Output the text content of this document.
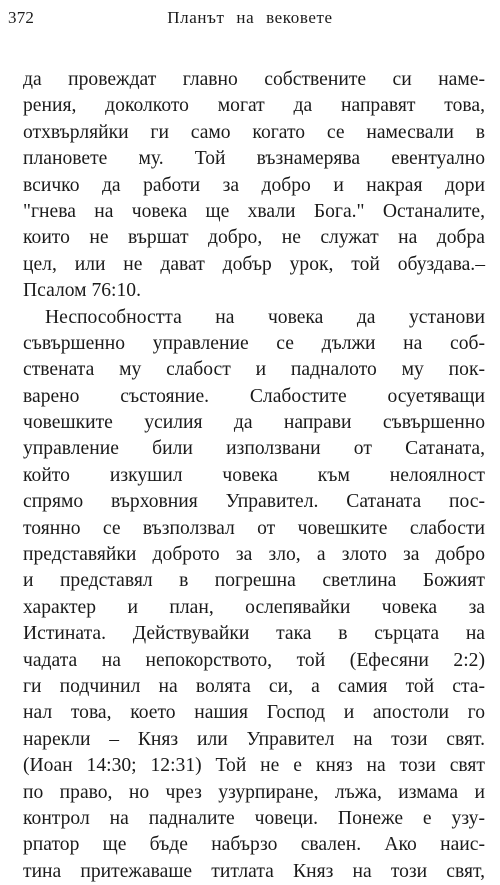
372	Планът на вековете
да провеждат главно собствените си наме-
рения, доколкото могат да направят това,
отхвърляйки ги само когато се намесвали в
плановете му. Той възнамерява евентуално
всичко да работи за добро и накрая дори
"гнева на човека ще хвали Бога." Останалите,
които не вършат добро, не служат на добра
цел, или не дават добър урок, той обуздава.–
Псалом 76:10.
Неспособността на човека да установи
съвършенно управление се дължи на соб-
ствената му слабост и падналото му пок-
варено състояние. Слабостите осуетяващи
човешките усилия да направи съвършенно
управление били използвани от Сатаната,
който изкушил човека към нелоялност
спрямо върховния Управител. Сатаната пос-
тоянно се възползвал от човешките слабости
представяйки доброто за зло, а злото за добро
и представял в погрешна светлина Божият
характер и план, ослепявайки човека за
Истината. Действувайки така в сърцата на
чадата на непокорството, той (Ефесяни 2:2)
ги подчинил на волята си, а самия той ста-
нал това, което нашия Господ и апостоли го
нарекли – Княз или Управител на този свят.
(Иоан 14:30; 12:31) Той не е княз на този свят
по право, но чрез узурпиране, лъжа, измама и
контрол на падналите човеци. Понеже е узу-
рпатор ще бъде набързо свален. Ако наис-
тина притежаваше титлата Княз на този свят,
